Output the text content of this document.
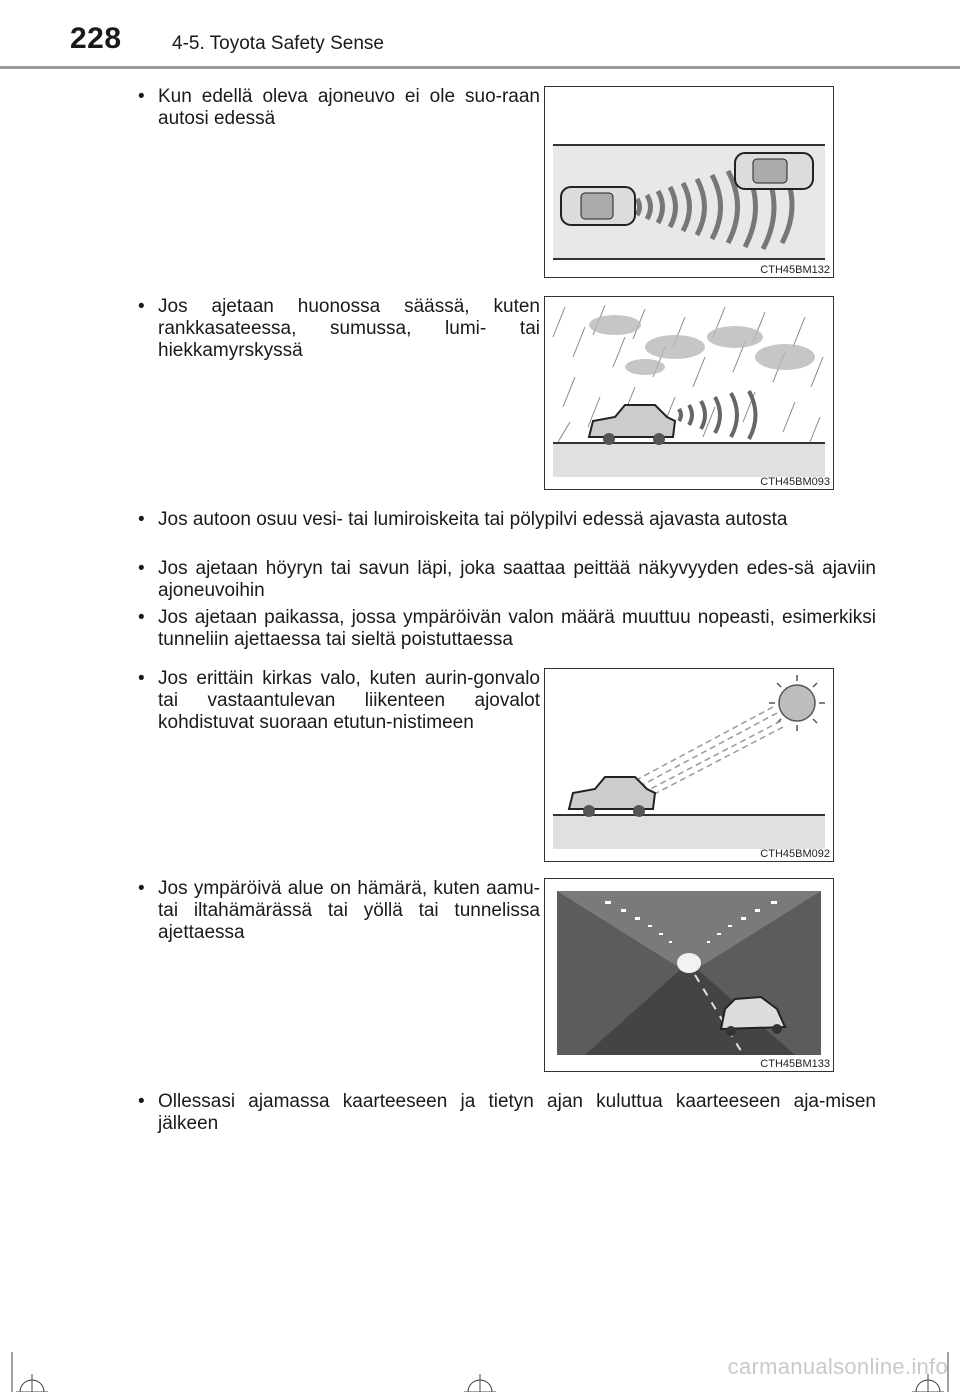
228	4-5. Toyota Safety Sense
• Kun edellä oleva ajoneuvo ei ole suo-raan autosi edessä
CTH45BM132
• Jos ajetaan huonossa säässä, kuten rankkasateessa, sumussa, lumi- tai hiekkamyrskyssä
CTH45BM093
• Jos autoon osuu vesi- tai lumiroiskeita tai pölypilvi edessä ajavasta autosta
• Jos ajetaan höyryn tai savun läpi, joka saattaa peittää näkyvyyden edes-sä ajaviin ajoneuvoihin
• Jos ajetaan paikassa, jossa ympäröivän valon määrä muuttuu nopeasti, esimerkiksi tunneliin ajettaessa tai sieltä poistuttaessa
• Jos erittäin kirkas valo, kuten aurin-gonvalo tai vastaantulevan liikenteen ajovalot kohdistuvat suoraan etutun-nistimeen
CTH45BM092
• Jos ympäröivä alue on hämärä, kuten aamu- tai iltahämärässä tai yöllä tai tunnelissa ajettaessa
CTH45BM133
• Ollessasi ajamassa kaarteeseen ja tietyn ajan kuluttua kaarteeseen aja-misen jälkeen
carmanualsonline.info
